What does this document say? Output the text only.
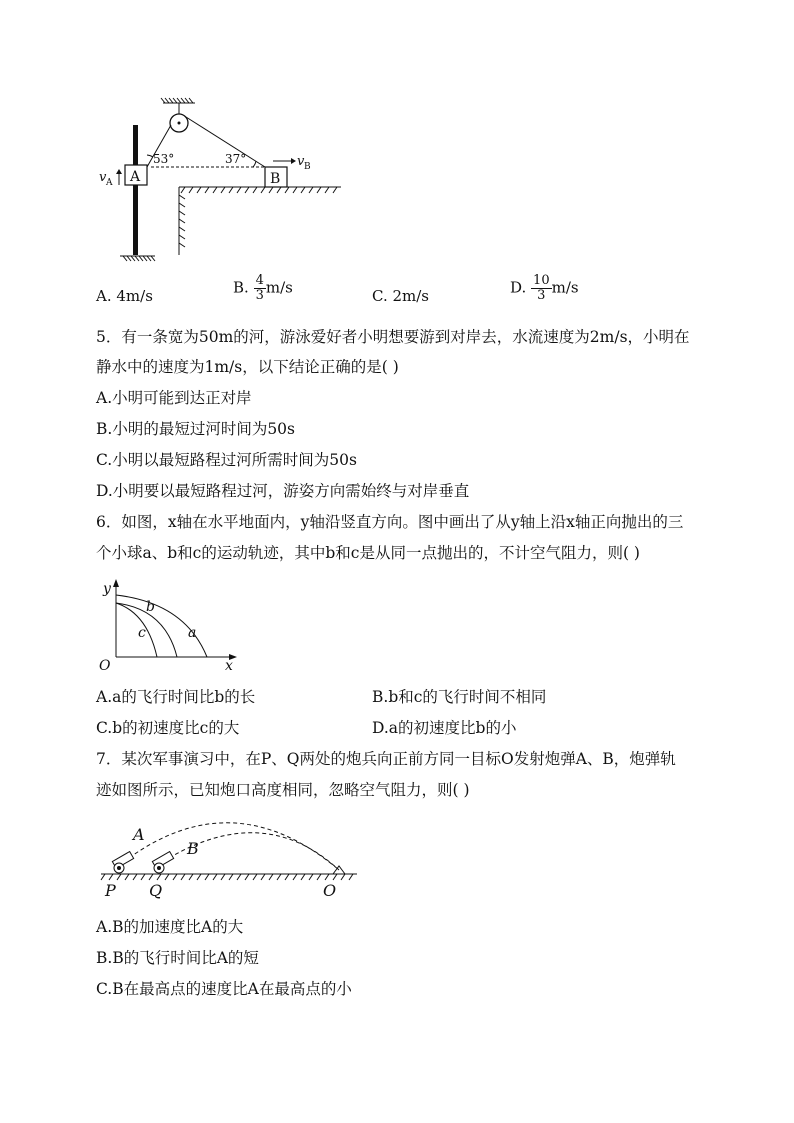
A	B
53°	37°
v A
v B
A. 4m/s	B. $\frac{4}{3} m/s$	C. 2m/s	D. $\frac{10}{3} m/s$
5．有一条宽为50m的河，游泳爱好者小明想要游到对岸去，水流速度为2m/s，小明在
静水中的速度为1m/s，以下结论正确的是( )
A.小明可能到达正对岸
B.小明的最短过河时间为50s
C.小明以最短路程过河所需时间为50s
D.小明要以最短路程过河，游姿方向需始终与对岸垂直
6．如图，x轴在水平地面内，y轴沿竖直方向。图中画出了从y轴上沿x轴正向抛出的三
个小球a、b和c的运动轨迹，其中b和c是从同一点抛出的，不计空气阻力，则( )
y
x
O
a
b
c
A.a的飞行时间比b的长	B.b和c的飞行时间不相同
C.b的初速度比c的大	D.a的初速度比b的小
7．某次军事演习中，在P、Q两处的炮兵向正前方同一目标O发射炮弹A、B，炮弹轨
迹如图所示，已知炮口高度相同，忽略空气阻力，则( )
A
B
P Q	O
A.B的加速度比A的大
B.B的飞行时间比A的短
C.B在最高点的速度比A在最高点的小
